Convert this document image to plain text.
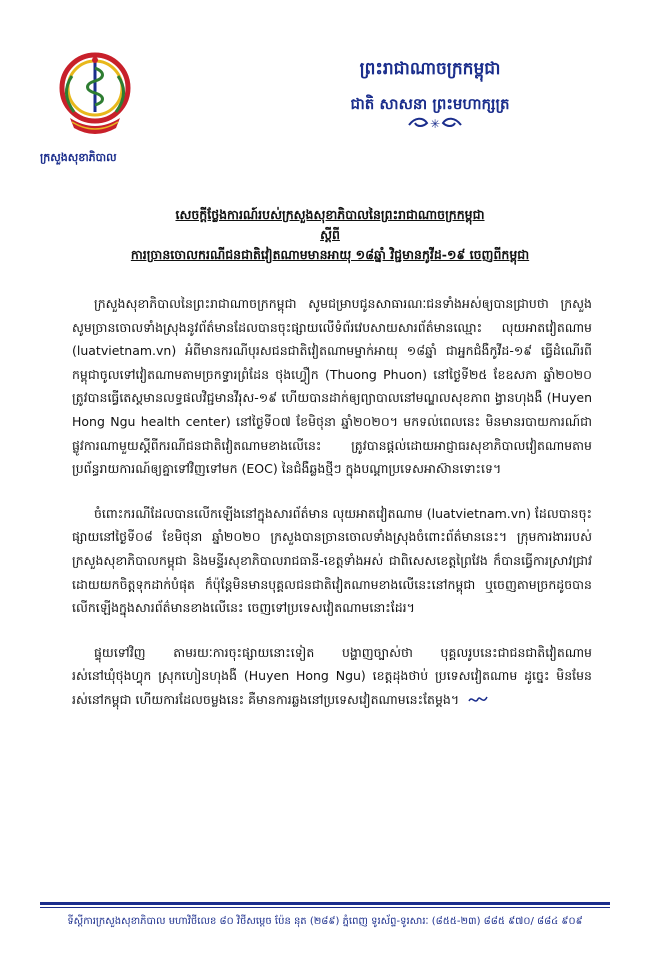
ក្រសួងសុខាភិបាល
ព្រះរាជាណាចក្រកម្ពុជា
ជាតិ សាសនា ព្រះមហាក្សត្រ
✳
សេចក្ដីថ្លែងការណ៍របស់ក្រសួងសុខាភិបាលនៃព្រះរាជាណាចក្រកម្ពុជា
ស្ដីពី
ការច្រានចោលករណីជនជាតិវៀតណាមមានអាយុ ១៨ឆ្នាំ វិជ្ជមានកូវីដ-១៩ ចេញពីកម្ពុជា

ក្រសួងសុខាភិបាលនៃព្រះរាជាណាចក្រកម្ពុជា សូមជម្រាបជូនសាធារណៈជនទាំងអស់ឲ្យបានជ្រាបថា ក្រសួងសូមច្រានចោលទាំងស្រុងនូវព័ត៌មានដែលបានចុះផ្សាយលើទំព័រវេបសាយសារព័ត៌មានឈ្មោះ លុយអាតវៀតណាម (luatvietnam.vn) អំពីមានករណីបុរសជនជាតិវៀតណាមម្នាក់អាយុ ១៨ឆ្នាំ ជាអ្នកជំងឺកូវីដ-១៩ ធ្វើដំណើរពីកម្ពុជាចូលទៅវៀតណាមតាមច្រកទ្វារព្រំដែន ថុងហ្វឿក (Thuong Phuon) នៅថ្ងៃទី២៥ ខែឧសភា ឆ្នាំ២០២០ ត្រូវបានធ្វើតេស្តមានលទ្ធផលវិជ្ជមានវីរុស-១៩ ហើយបានដាក់ឲ្យព្យាបាលនៅមណ្ឌលសុខភាព ង្វានហុងងឺ (Huyen Hong Ngu health center) នៅថ្ងៃទី០៧ ខែមិថុនា ឆ្នាំ២០២០។ មកទល់ពេលនេះ មិនមានរបាយការណ៍ជាផ្លូវការណាមួយស្ដីពីករណីជនជាតិវៀតណាមខាងលើនេះ ត្រូវបានផ្ដល់ដោយអាជ្ញាធរសុខាភិបាលវៀតណាមតាមប្រព័ន្ធរាយការណ៍ឲ្យគ្នាទៅវិញទៅមក (EOC) នៃជំងឺឆ្លងថ្មីៗ ក្នុងបណ្ដាប្រទេសអាស៊ានទោះទេ។

ចំពោះករណីដែលបានលើកឡើងនៅក្នុងសារព័ត៌មាន លុយអាតវៀតណាម (luatvietnam.vn) ដែលបានចុះផ្សាយនៅថ្ងៃទី០៨ ខែមិថុនា ឆ្នាំ២០២០ ក្រសួងបានច្រានចោលទាំងស្រុងចំពោះព័ត៌មាននេះ។ ក្រុមការងាររបស់ក្រសួងសុខាភិបាលកម្ពុជា និងមន្ទីរសុខាភិបាលរាជធានី-ខេត្តទាំងអស់ ជាពិសេសខេត្តព្រៃវែង ក៏បានធ្វើការស្រាវជ្រាវដោយយកចិត្តទុកដាក់បំផុត ក៏ប៉ុន្តែមិនមានបុគ្គលជនជាតិវៀតណាមខាងលើនេះនៅកម្ពុជា ឬចេញតាមច្រកដូចបានលើកឡើងក្នុងសារព័ត៌មានខាងលើនេះ ចេញទៅប្រទេសវៀតណាមនោះដែរ។

ផ្ទុយទៅវិញ តាមរយៈការចុះផ្សាយនោះទៀត បង្ហាញច្បាស់ថា បុគ្គលរូបនេះជាជនជាតិវៀតណាម រស់នៅឃុំថុងហ្វុក ស្រុកហៀនហុងងឺ (Huyen Hong Ngu) ខេត្តដុងថាប់ ប្រទេសវៀតណាម ដូច្នេះ មិនមែនរស់នៅកម្ពុជា ហើយការដែលចម្លងនេះ គឺមានការឆ្លងនៅប្រទេសវៀតណាមនេះតែម្ដង។

ទីស្ដីការក្រសួងសុខាភិបាល មហាវិថីលេខ ៨០ វិថីសម្ដេច ប៉ែន នុត (២៨៩) ភ្នំពេញ ទូរស័ព្ទ-ទូរសារៈ (៨៥៥-២៣) ៨៨៥ ៩៧០/ ៨៨៤ ៩០៩
